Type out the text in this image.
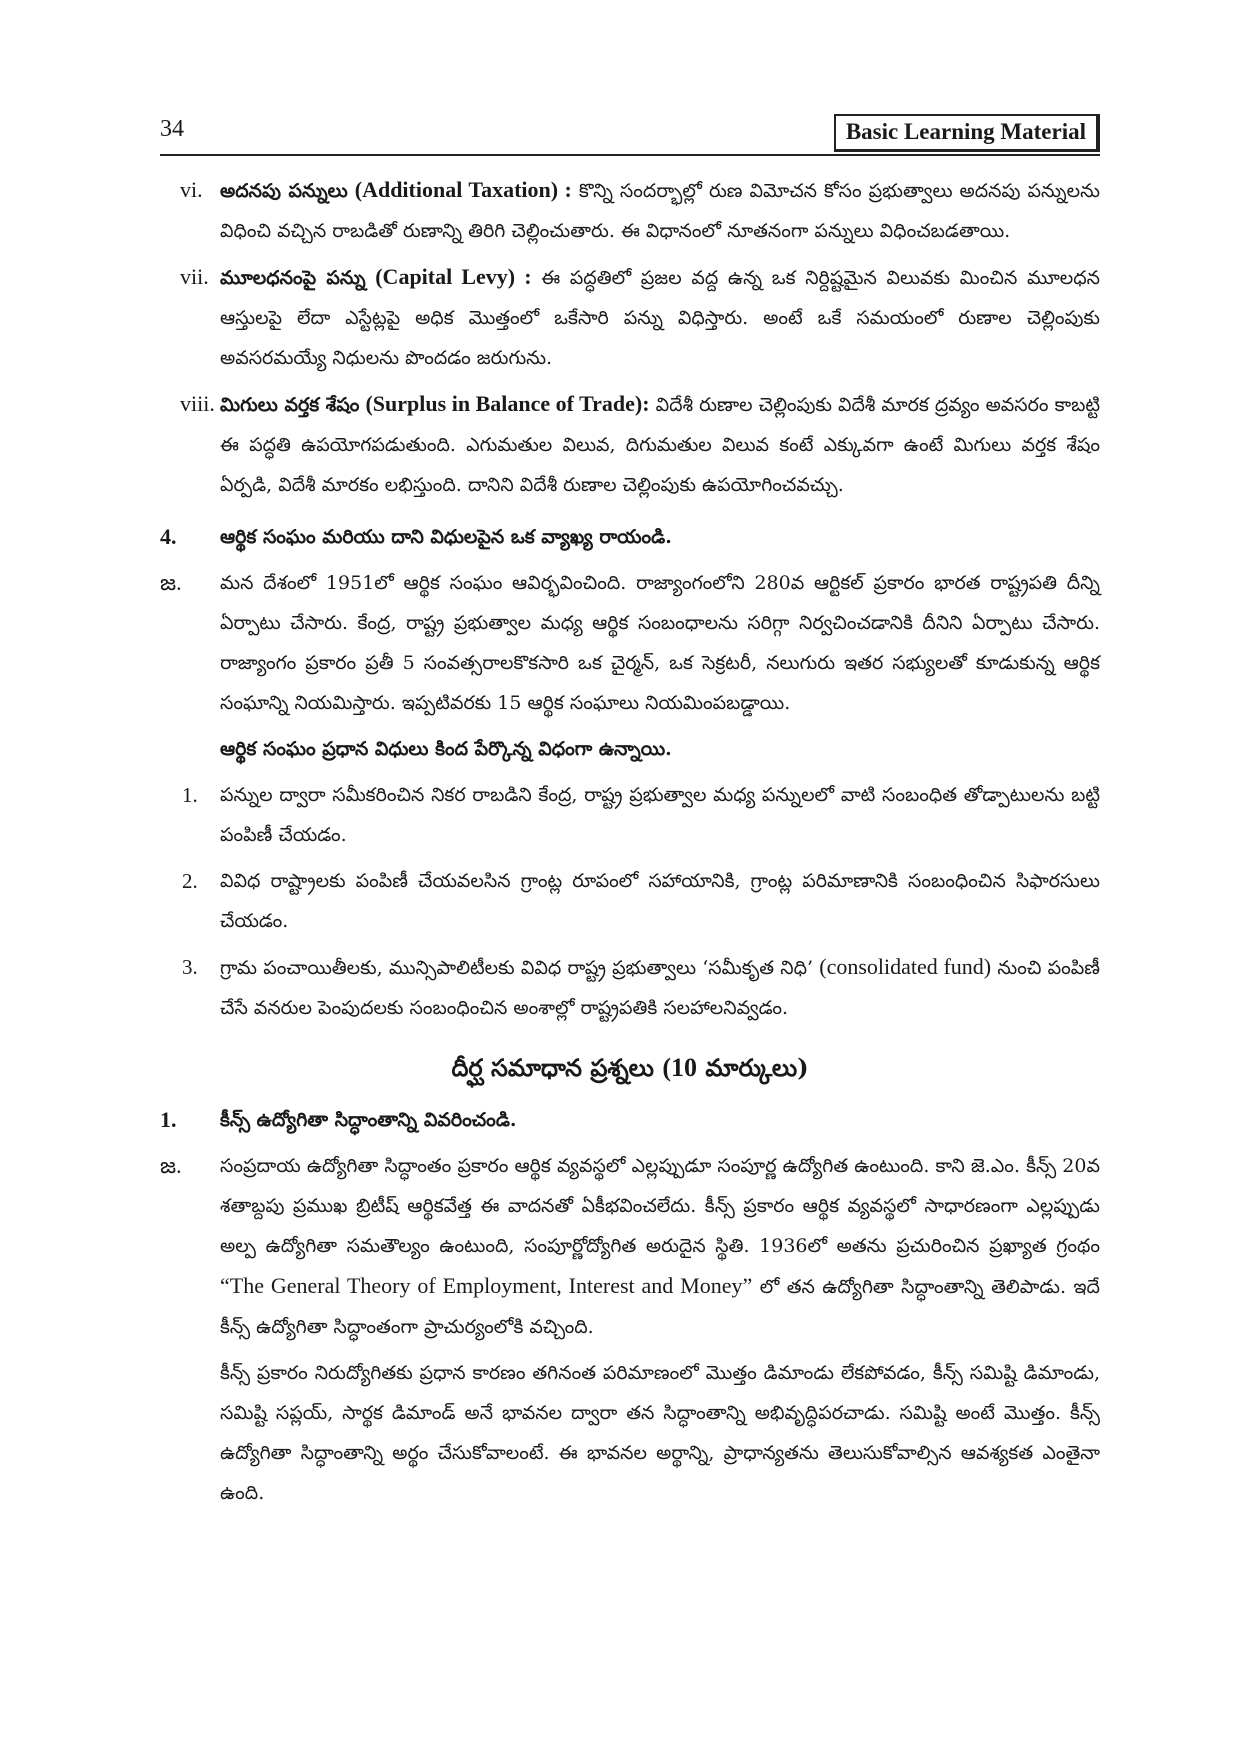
34	Basic Learning Material
vi. అదనపు పన్నులు (Additional Taxation) : కొన్ని సందర్భాల్లో రుణ విమోచన కోసం ప్రభుత్వాలు అదనపు పన్నులను విధించి వచ్చిన రాబడితో రుణాన్ని తిరిగి చెల్లించుతారు. ఈ విధానంలో నూతనంగా పన్నులు విధించబడతాయి.
vii. మూలధనంపై పన్ను (Capital Levy) : ఈ పద్ధతిలో ప్రజల వద్ద ఉన్న ఒక నిర్దిష్టమైన విలువకు మించిన మూలధన ఆస్తులపై లేదా ఎస్టేట్లపై అధిక మొత్తంలో ఒకేసారి పన్ను విధిస్తారు. అంటే ఒకే సమయంలో రుణాల చెల్లింపుకు అవసరమయ్యే నిధులను పొందడం జరుగును.
viii. మిగులు వర్తక శేషం (Surplus in Balance of Trade): విదేశీ రుణాల చెల్లింపుకు విదేశీ మారక ద్రవ్యం అవసరం కాబట్టి ఈ పద్ధతి ఉపయోగపడుతుంది. ఎగుమతుల విలువ, దిగుమతుల విలువ కంటే ఎక్కువగా ఉంటే మిగులు వర్తక శేషం ఏర్పడి, విదేశీ మారకం లభిస్తుంది. దానిని విదేశీ రుణాల చెల్లింపుకు ఉపయోగించవచ్చు.
4. ఆర్థిక సంఘం మరియు దాని విధులపైన ఒక వ్యాఖ్య రాయండి.
జ. మన దేశంలో 1951లో ఆర్థిక సంఘం ఆవిర్భవించింది. రాజ్యాంగంలోని 280వ ఆర్టికల్ ప్రకారం భారత రాష్ట్రపతి దీన్ని ఏర్పాటు చేసారు. కేంద్ర, రాష్ట్ర ప్రభుత్వాల మధ్య ఆర్థిక సంబంధాలను సరిగ్గా నిర్వచించడానికి దీనిని ఏర్పాటు చేసారు. రాజ్యాంగం ప్రకారం ప్రతీ 5 సంవత్సరాలకొకసారి ఒక చైర్మన్, ఒక సెక్రటరీ, నలుగురు ఇతర సభ్యులతో కూడుకున్న ఆర్థిక సంఘాన్ని నియమిస్తారు. ఇప్పటివరకు 15 ఆర్థిక సంఘాలు నియమింపబడ్డాయి.
ఆర్థిక సంఘం ప్రధాన విధులు కింద పేర్కొన్న విధంగా ఉన్నాయి.
1. పన్నుల ద్వారా సమీకరించిన నికర రాబడిని కేంద్ర, రాష్ట్ర ప్రభుత్వాల మధ్య పన్నులలో వాటి సంబంధిత తోడ్పాటులను బట్టి పంపిణీ చేయడం.
2. వివిధ రాష్ట్రాలకు పంపిణీ చేయవలసిన గ్రాంట్ల రూపంలో సహాయానికి, గ్రాంట్ల పరిమాణానికి సంబంధించిన సిఫారసులు చేయడం.
3. గ్రామ పంచాయితీలకు, మున్సిపాలిటీలకు వివిధ రాష్ట్ర ప్రభుత్వాలు ‘సమీకృత నిధి’ (consolidated fund) నుంచి పంపిణీ చేసే వనరుల పెంపుదలకు సంబంధించిన అంశాల్లో రాష్ట్రపతికి సలహాలనివ్వడం.
దీర్ఘ సమాధాన ప్రశ్నలు (10 మార్కులు)
1. కీన్స్ ఉద్యోగితా సిద్ధాంతాన్ని వివరించండి.
జ. సంప్రదాయ ఉద్యోగితా సిద్ధాంతం ప్రకారం ఆర్థిక వ్యవస్థలో ఎల్లప్పుడూ సంపూర్ణ ఉద్యోగిత ఉంటుంది. కాని జె.ఎం. కీన్స్ 20వ శతాబ్దపు ప్రముఖ బ్రిటీష్ ఆర్థికవేత్త ఈ వాదనతో ఏకీభవించలేదు. కీన్స్ ప్రకారం ఆర్థిక వ్యవస్థలో సాధారణంగా ఎల్లప్పుడు అల్ప ఉద్యోగితా సమతౌల్యం ఉంటుంది, సంపూర్ణోద్యోగిత అరుదైన స్థితి. 1936లో అతను ప్రచురించిన ప్రఖ్యాత గ్రంథం “The General Theory of Employment, Interest and Money” లో తన ఉద్యోగితా సిద్ధాంతాన్ని తెలిపాడు. ఇదే కీన్స్ ఉద్యోగితా సిద్ధాంతంగా ప్రాచుర్యంలోకి వచ్చింది.
కీన్స్ ప్రకారం నిరుద్యోగితకు ప్రధాన కారణం తగినంత పరిమాణంలో మొత్తం డిమాండు లేకపోవడం, కీన్స్ సమిష్టి డిమాండు, సమిష్టి సప్లయ్, సార్థక డిమాండ్ అనే భావనల ద్వారా తన సిద్ధాంతాన్ని అభివృద్ధిపరచాడు. సమిష్టి అంటే మొత్తం. కీన్స్ ఉద్యోగితా సిద్ధాంతాన్ని అర్థం చేసుకోవాలంటే. ఈ భావనల అర్థాన్ని, ప్రాధాన్యతను తెలుసుకోవాల్సిన ఆవశ్యకత ఎంతైనా ఉంది.
